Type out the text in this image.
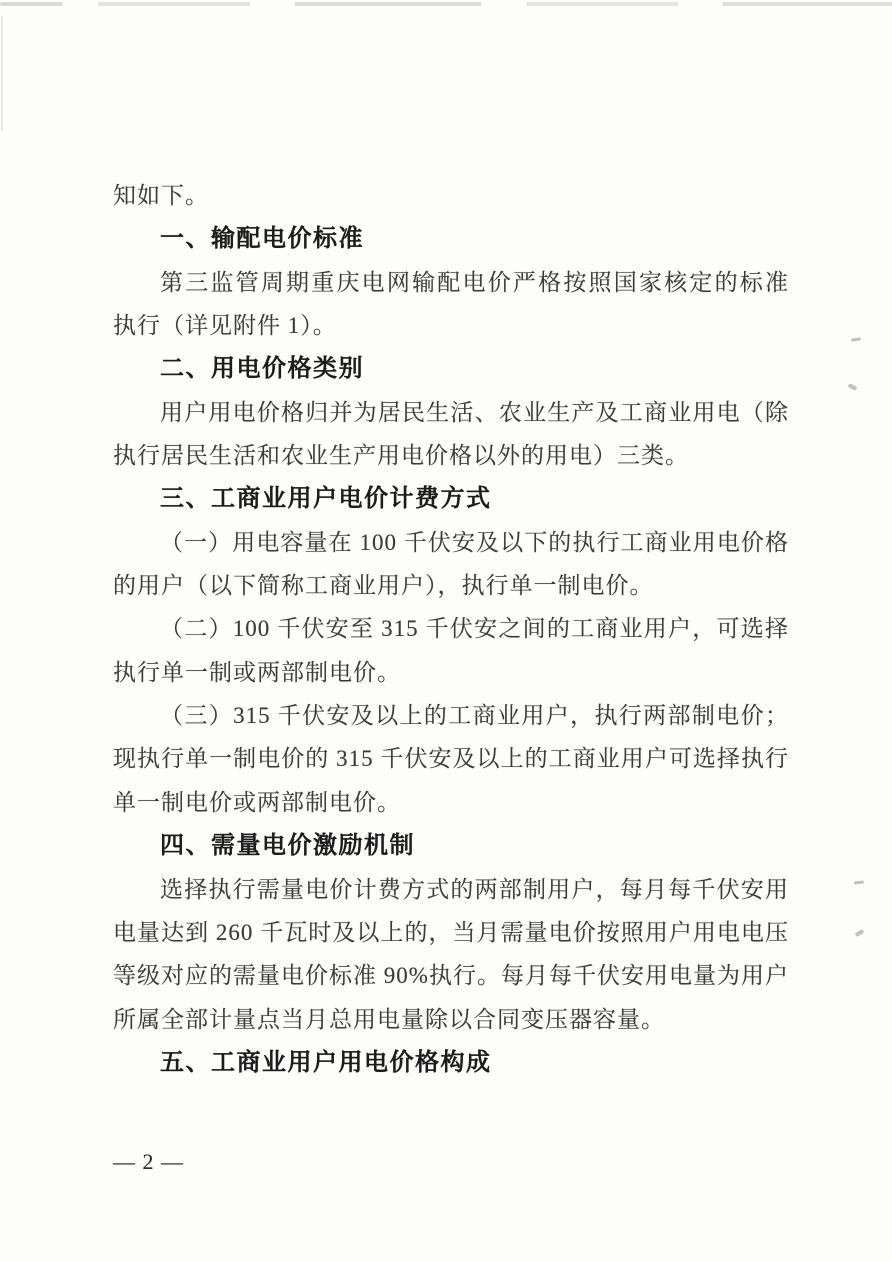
知如下。
一、输配电价标准
第三监管周期重庆电网输配电价严格按照国家核定的标准
执行（详见附件 1）。
二、用电价格类别
用户用电价格归并为居民生活、农业生产及工商业用电（除
执行居民生活和农业生产用电价格以外的用电）三类。
三、工商业用户电价计费方式
（一）用电容量在 100 千伏安及以下的执行工商业用电价格
的用户（以下简称工商业用户），执行单一制电价。
（二）100 千伏安至 315 千伏安之间的工商业用户，可选择
执行单一制或两部制电价。
（三）315 千伏安及以上的工商业用户，执行两部制电价；
现执行单一制电价的 315 千伏安及以上的工商业用户可选择执行
单一制电价或两部制电价。
四、需量电价激励机制
选择执行需量电价计费方式的两部制用户，每月每千伏安用
电量达到 260 千瓦时及以上的，当月需量电价按照用户用电电压
等级对应的需量电价标准 90%执行。每月每千伏安用电量为用户
所属全部计量点当月总用电量除以合同变压器容量。
五、工商业用户用电价格构成
— 2 —
